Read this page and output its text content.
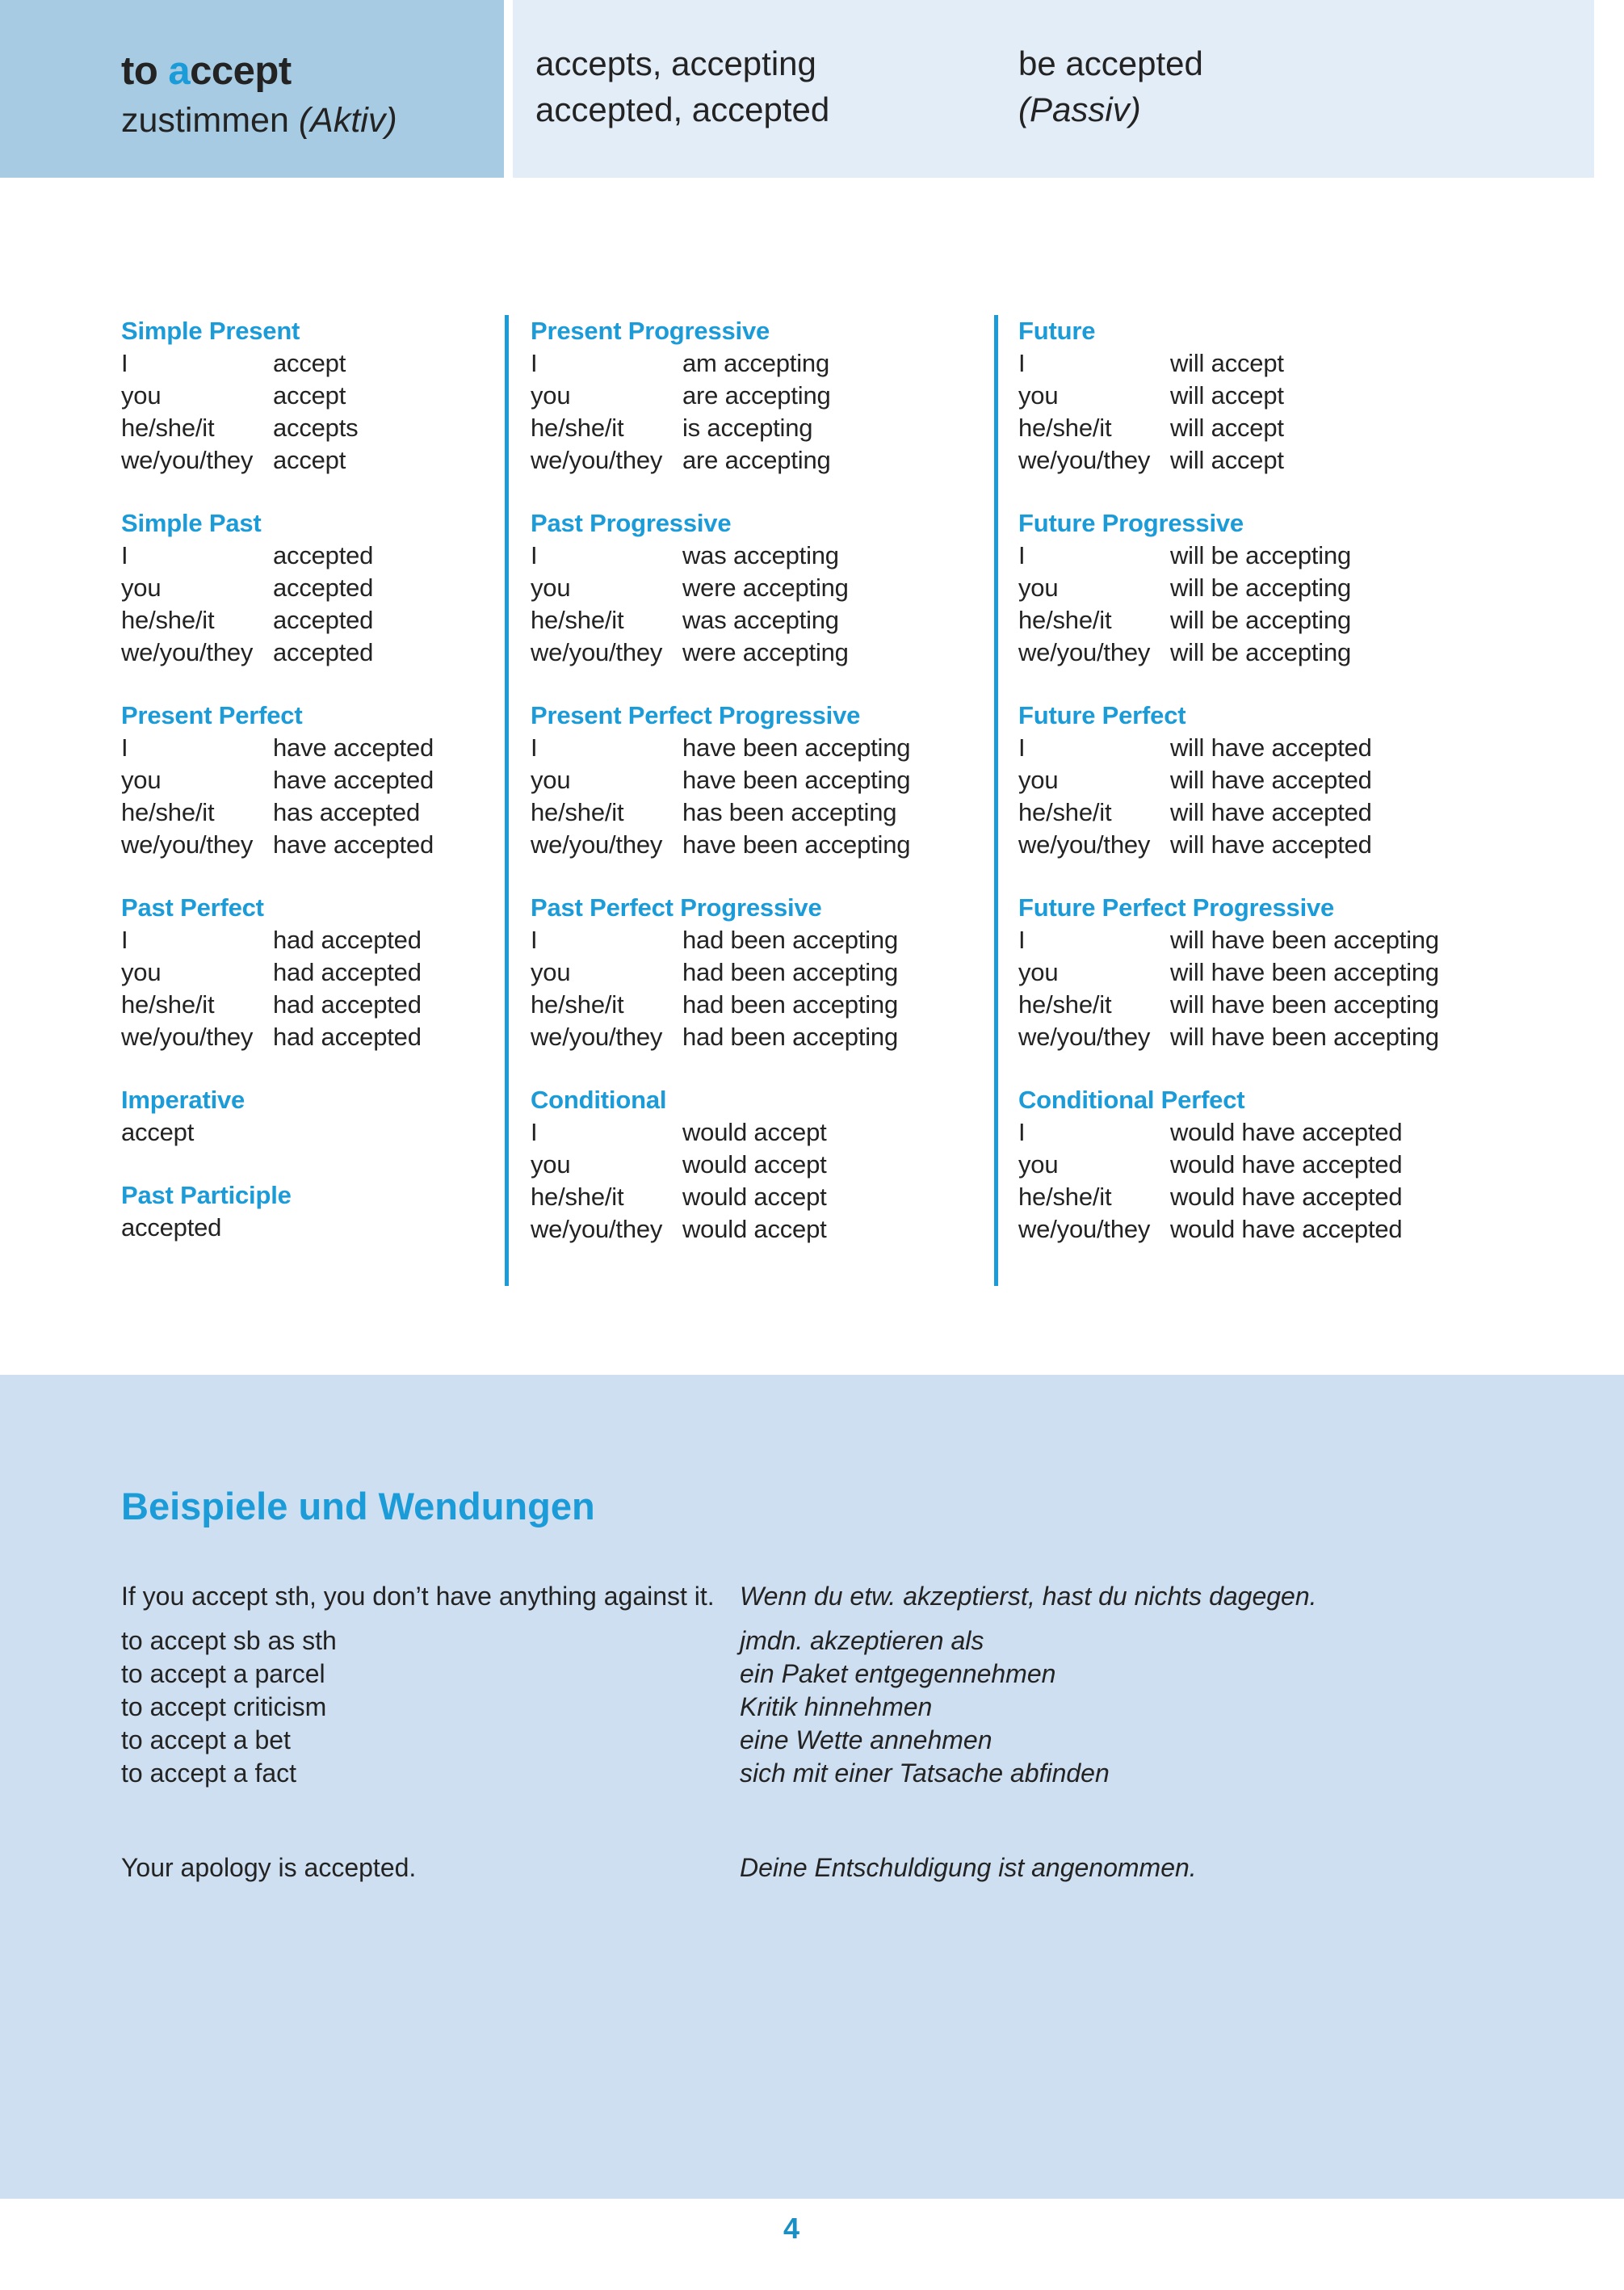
to accept
zustimmen (Aktiv)
accepts, accepting
accepted, accepted
be accepted
(Passiv)
Simple Present
I	accept
you	accept
he/she/it	accepts
we/you/they accept
Simple Past
I	accepted
you	accepted
he/she/it	accepted
we/you/they accepted
Present Perfect
I	have accepted
you	have accepted
he/she/it	has accepted
we/you/they have accepted
Past Perfect
I	had accepted
you	had accepted
he/she/it	had accepted
we/you/they had accepted
Imperative
accept
Past Participle
accepted
Present Progressive
I	am accepting
you	are accepting
he/she/it	is accepting
we/you/they are accepting
Past Progressive
I	was accepting
you	were accepting
he/she/it	was accepting
we/you/they were accepting
Present Perfect Progressive
I	have been accepting
you	have been accepting
he/she/it	has been accepting
we/you/they have been accepting
Past Perfect Progressive
I	had been accepting
you	had been accepting
he/she/it	had been accepting
we/you/they had been accepting
Conditional
I	would accept
you	would accept
he/she/it	would accept
we/you/they would accept
Future
I	will accept
you	will accept
he/she/it	will accept
we/you/they will accept
Future Progressive
I	will be accepting
you	will be accepting
he/she/it	will be accepting
we/you/they will be accepting
Future Perfect
I	will have accepted
you	will have accepted
he/she/it	will have accepted
we/you/they will have accepted
Future Perfect Progressive
I	will have been accepting
you	will have been accepting
he/she/it	will have been accepting
we/you/they will have been accepting
Conditional Perfect
I	would have accepted
you	would have accepted
he/she/it	would have accepted
we/you/they would have accepted
Beispiele und Wendungen
If you accept sth, you don’t have anything against it. Wenn du etw. akzeptierst, hast du nichts dagegen.
to accept sb as sth	jmdn. akzeptieren als
to accept a parcel	ein Paket entgegennehmen
to accept criticism	Kritik hinnehmen
to accept a bet	eine Wette annehmen
to accept a fact	sich mit einer Tatsache abfinden
Your apology is accepted.	Deine Entschuldigung ist angenommen.
4
